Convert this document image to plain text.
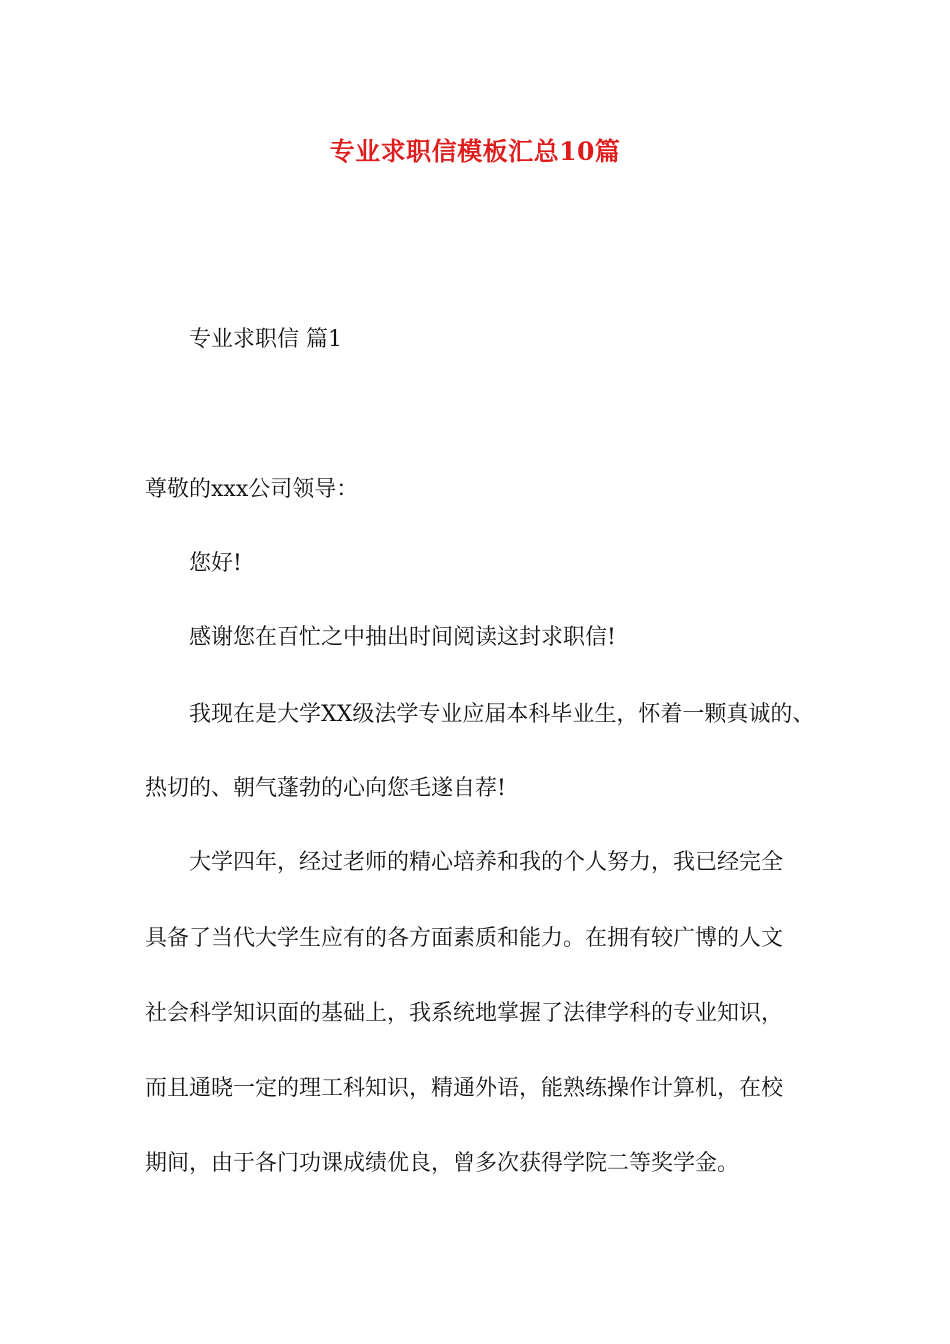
专业求职信模板汇总10篇
专业求职信 篇1
尊敬的xxx公司领导：
您好!
感谢您在百忙之中抽出时间阅读这封求职信!
我现在是大学XX级法学专业应届本科毕业生，怀着一颗真诚的、
热切的、朝气蓬勃的心向您毛遂自荐!
大学四年，经过老师的精心培养和我的个人努力，我已经完全
具备了当代大学生应有的各方面素质和能力。在拥有较广博的人文
社会科学知识面的基础上，我系统地掌握了法律学科的专业知识，
而且通晓一定的理工科知识，精通外语，能熟练操作计算机，在校
期间，由于各门功课成绩优良，曾多次获得学院二等奖学金。
